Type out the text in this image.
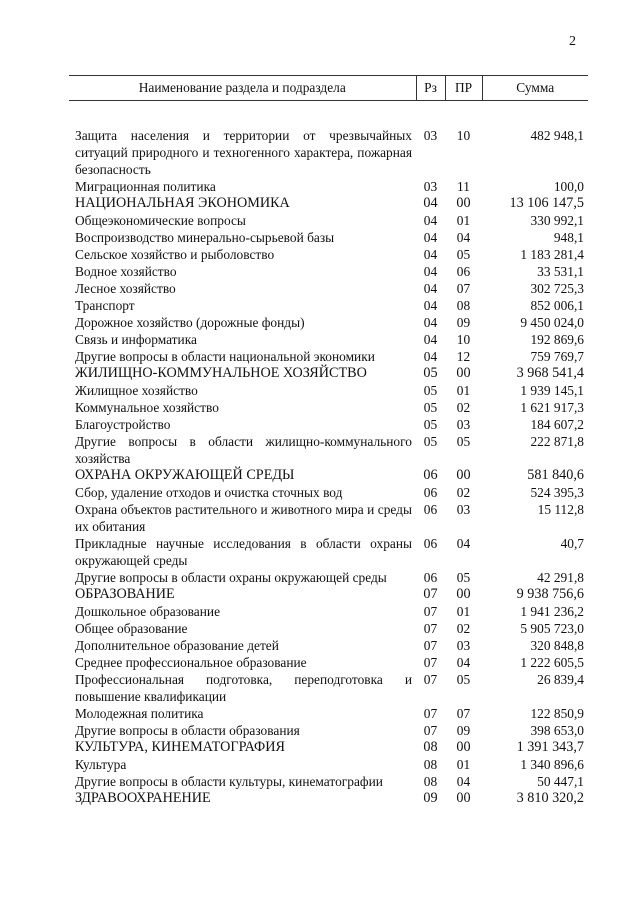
2
Наименование раздела и подраздела	Рз	ПР	Сумма

Защита населения и территории от чрезвычайных ситуаций природного и техногенного характера, пожарная безопасность	03	10	482 948,1
Миграционная политика	03	11	100,0
НАЦИОНАЛЬНАЯ ЭКОНОМИКА	04	00	13 106 147,5
Общеэкономические вопросы	04	01	330 992,1
Воспроизводство минерально-сырьевой базы	04	04	948,1
Сельское хозяйство и рыболовство	04	05	1 183 281,4
Водное хозяйство	04	06	33 531,1
Лесное хозяйство	04	07	302 725,3
Транспорт	04	08	852 006,1
Дорожное хозяйство (дорожные фонды)	04	09	9 450 024,0
Связь и информатика	04	10	192 869,6
Другие вопросы в области национальной экономики	04	12	759 769,7
ЖИЛИЩНО-КОММУНАЛЬНОЕ ХОЗЯЙСТВО	05	00	3 968 541,4
Жилищное хозяйство	05	01	1 939 145,1
Коммунальное хозяйство	05	02	1 621 917,3
Благоустройство	05	03	184 607,2
Другие вопросы в области жилищно-коммунального хозяйства	05	05	222 871,8
ОХРАНА ОКРУЖАЮЩЕЙ СРЕДЫ	06	00	581 840,6
Сбор, удаление отходов и очистка сточных вод	06	02	524 395,3
Охрана объектов растительного и животного мира и среды их обитания	06	03	15 112,8
Прикладные научные исследования в области охраны окружающей среды	06	04	40,7
Другие вопросы в области охраны окружающей среды	06	05	42 291,8
ОБРАЗОВАНИЕ	07	00	9 938 756,6
Дошкольное образование	07	01	1 941 236,2
Общее образование	07	02	5 905 723,0
Дополнительное образование детей	07	03	320 848,8
Среднее профессиональное образование	07	04	1 222 605,5
Профессиональная подготовка, переподготовка и повышение квалификации	07	05	26 839,4
Молодежная политика	07	07	122 850,9
Другие вопросы в области образования	07	09	398 653,0
КУЛЬТУРА, КИНЕМАТОГРАФИЯ	08	00	1 391 343,7
Культура	08	01	1 340 896,6
Другие вопросы в области культуры, кинематографии	08	04	50 447,1
ЗДРАВООХРАНЕНИЕ	09	00	3 810 320,2
